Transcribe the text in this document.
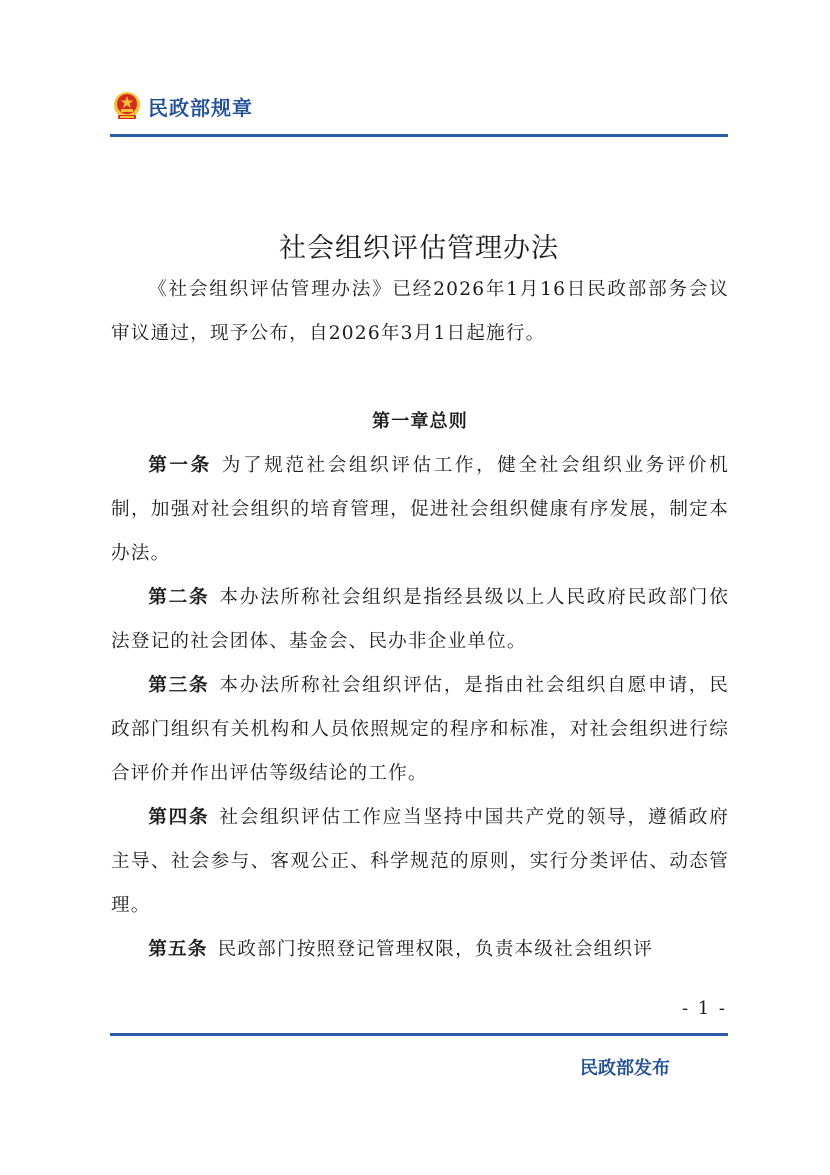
民政部规章
社会组织评估管理办法

《社会组织评估管理办法》已经2026年1月16日民政部部务会议审议通过，现予公布，自2026年3月1日起施行。

第一章总则

第一条 为了规范社会组织评估工作，健全社会组织业务评价机制，加强对社会组织的培育管理，促进社会组织健康有序发展，制定本办法。

第二条 本办法所称社会组织是指经县级以上人民政府民政部门依法登记的社会团体、基金会、民办非企业单位。

第三条 本办法所称社会组织评估，是指由社会组织自愿申请，民政部门组织有关机构和人员依照规定的程序和标准，对社会组织进行综合评价并作出评估等级结论的工作。

第四条 社会组织评估工作应当坚持中国共产党的领导，遵循政府主导、社会参与、客观公正、科学规范的原则，实行分类评估、动态管理。

第五条 民政部门按照登记管理权限，负责本级社会组织评

- 1 -
民政部发布
